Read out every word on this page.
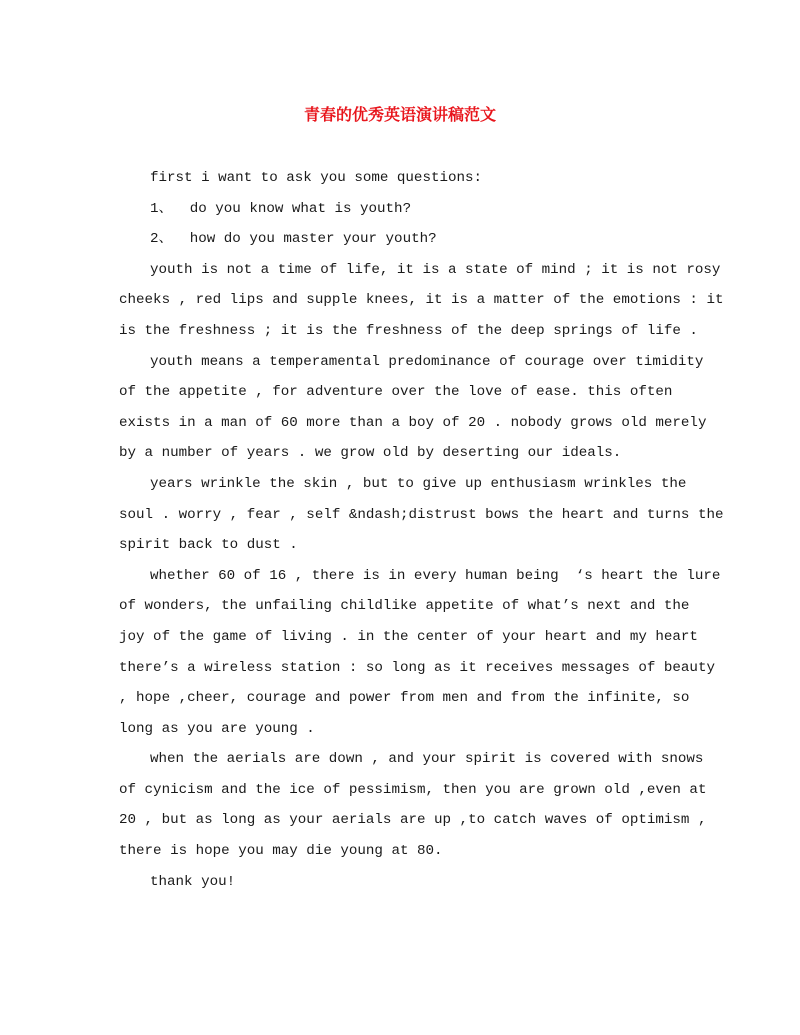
青春的优秀英语演讲稿范文
first i want to ask you some questions:
1、  do you know what is youth?
2、  how do you master your youth?
youth is not a time of life, it is a state of mind ; it is not rosy
cheeks , red lips and supple knees, it is a matter of the emotions : it
is the freshness ; it is the freshness of the deep springs of life .
youth means a temperamental predominance of courage over timidity
of the appetite , for adventure over the love of ease. this often
exists in a man of 60 more than a boy of 20 . nobody grows old merely
by a number of years . we grow old by deserting our ideals.
years wrinkle the skin , but to give up enthusiasm wrinkles the
soul . worry , fear , self &ndash;distrust bows the heart and turns the
spirit back to dust .
whether 60 of 16 , there is in every human being  ‘s heart the lure
of wonders, the unfailing childlike appetite of what’s next and the
joy of the game of living . in the center of your heart and my heart
there’s a wireless station : so long as it receives messages of beauty
, hope ,cheer, courage and power from men and from the infinite, so
long as you are young .
when the aerials are down , and your spirit is covered with snows
of cynicism and the ice of pessimism, then you are grown old ,even at
20 , but as long as your aerials are up ,to catch waves of optimism ,
there is hope you may die young at 80.
thank you!
